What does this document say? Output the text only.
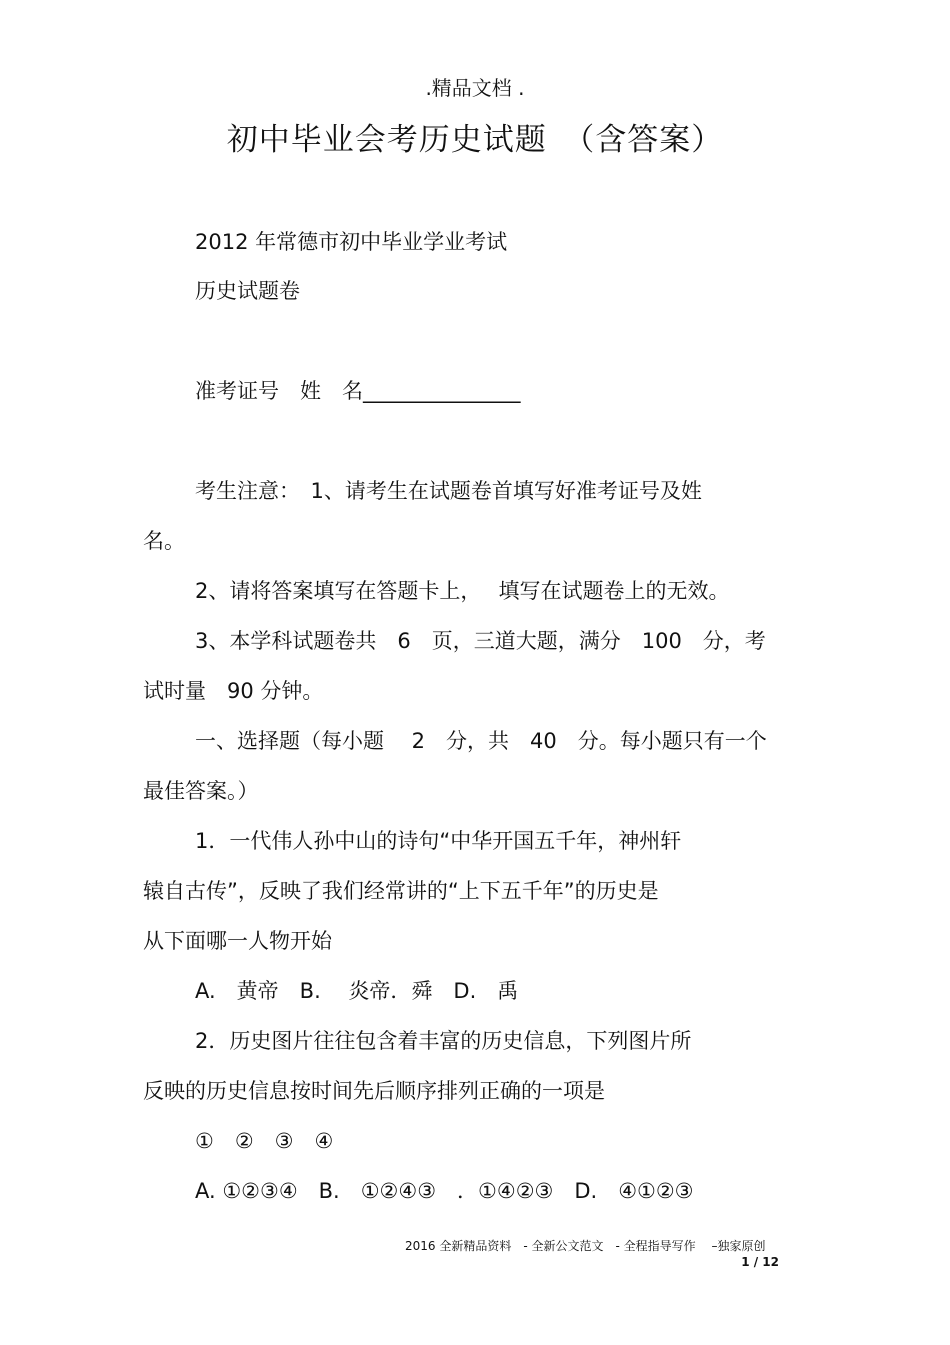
.精品文档 .
初中毕业会考历史试题　（含答案）
2012 年常德市初中毕业学业考试
历史试题卷
准考证号　姓　名_______________
考生注意：　1、请考生在试题卷首填写好准考证号及姓
名。
2、请将答案填写在答题卡上，　 填写在试题卷上的无效。
3、本学科试题卷共　6　页，三道大题，满分　100　分，考
试时量　90 分钟。
一、选择题（每小题　 2　分，共　40　分。每小题只有一个
最佳答案。）
1．一代伟人孙中山的诗句“中华开国五千年，神州轩
辕自古传”，反映了我们经常讲的“上下五千年”的历史是
从下面哪一人物开始
A.　黄帝　B.　 炎帝．舜　D.　禹
2．历史图片往往包含着丰富的历史信息，下列图片所
反映的历史信息按时间先后顺序排列正确的一项是
①　②　③　④
A. ①②③④　B.　①②④③　．①④②③　D.　④①②③
2016 全新精品资料　- 全新公文范文　- 全程指导写作　 –独家原创
1 / 12
